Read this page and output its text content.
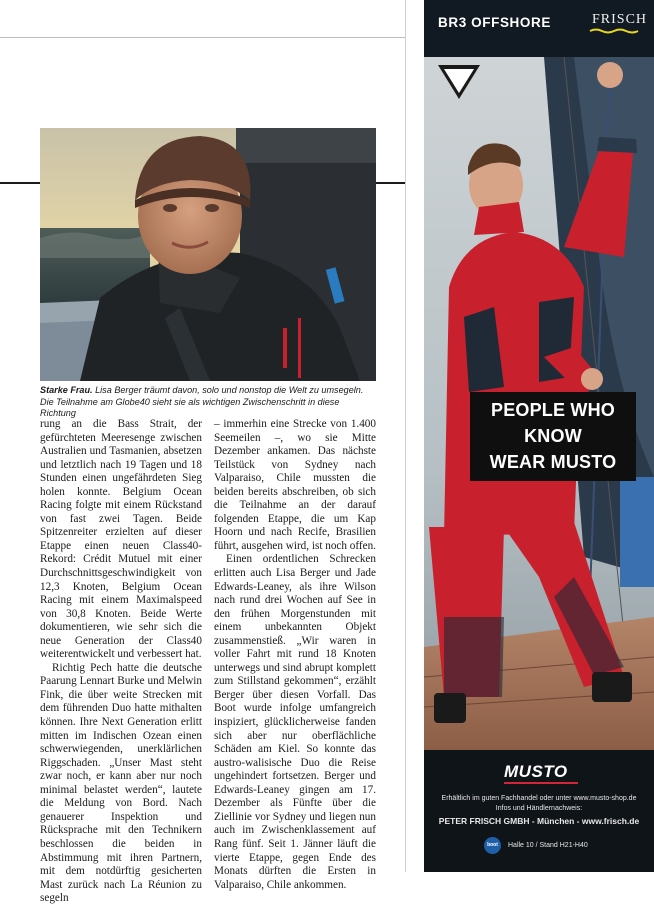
Starke Frau. Lisa Berger träumt davon, solo und nonstop die Welt zu umsegeln. Die Teilnahme am Globe40 sieht sie als wichtigen Zwischenschritt in diese Richtung

rung an die Bass Strait, der gefürchteten Meeresenge zwischen Australien und Tasmanien, absetzen und letztlich nach 19 Tagen und 18 Stunden einen ungefährdeten Sieg holen konnte. Belgium Ocean Racing folgte mit einem Rückstand von fast zwei Tagen. Beide Spitzenreiter erzielten auf dieser Etappe einen neuen Class40-Rekord: Crédit Mutuel mit einer Durchschnittsgeschwindigkeit von 12,3 Knoten, Belgium Ocean Racing mit einem Maximalspeed von 30,8 Knoten. Beide Werte dokumentieren, wie sehr sich die neue Generation der Class40 weiterentwickelt und verbessert hat.

Richtig Pech hatte die deutsche Paarung Lennart Burke und Melwin Fink, die über weite Strecken mit dem führenden Duo hatte mithalten können. Ihre Next Generation erlitt mitten im Indischen Ozean einen schwerwiegenden, unerklärlichen Riggschaden. „Unser Mast steht zwar noch, er kann aber nur noch minimal belastet werden“, lautete die Meldung von Bord. Nach genauerer Inspektion und Rücksprache mit den Technikern beschlossen die beiden in Abstimmung mit ihren Partnern, mit dem notdürftig gesicherten Mast zurück nach La Réunion zu segeln

– immerhin eine Strecke von 1.400 Seemeilen –, wo sie Mitte Dezember ankamen. Das nächste Teilstück von Sydney nach Valparaiso, Chile mussten die beiden bereits abschreiben, ob sich die Teilnahme an der darauf folgenden Etappe, die um Kap Hoorn und nach Recife, Brasilien führt, ausgehen wird, ist noch offen.

Einen ordentlichen Schrecken erlitten auch Lisa Berger und Jade Edwards-Leaney, als ihre Wilson nach rund drei Wochen auf See in den frühen Morgenstunden mit einem unbekannten Objekt zusammenstieß. „Wir waren in voller Fahrt mit rund 18 Knoten unterwegs und sind abrupt komplett zum Stillstand gekommen“, erzählt Berger über diesen Vorfall. Das Boot wurde infolge umfangreich inspiziert, glücklicherweise fanden sich aber nur oberflächliche Schäden am Kiel. So konnte das austro-walisische Duo die Reise ungehindert fortsetzen. Berger und Edwards-Leaney gingen am 17. Dezember als Fünfte über die Ziellinie vor Sydney und liegen nun auch im Zwischenklassement auf Rang fünf. Seit 1. Jänner läuft die vierte Etappe, gegen Ende des Monats dürften die Ersten in Valparaiso, Chile ankommen.

BR3 OFFSHORE	FRISCH
PEOPLE WHO
KNOW
WEAR MUSTO
MUSTO
Erhältlich im guten Fachhandel oder unter www.musto-shop.de
Infos und Händlernachweis:
PETER FRISCH GMBH - München - www.frisch.de
boot	Halle 10 / Stand H21-H40
